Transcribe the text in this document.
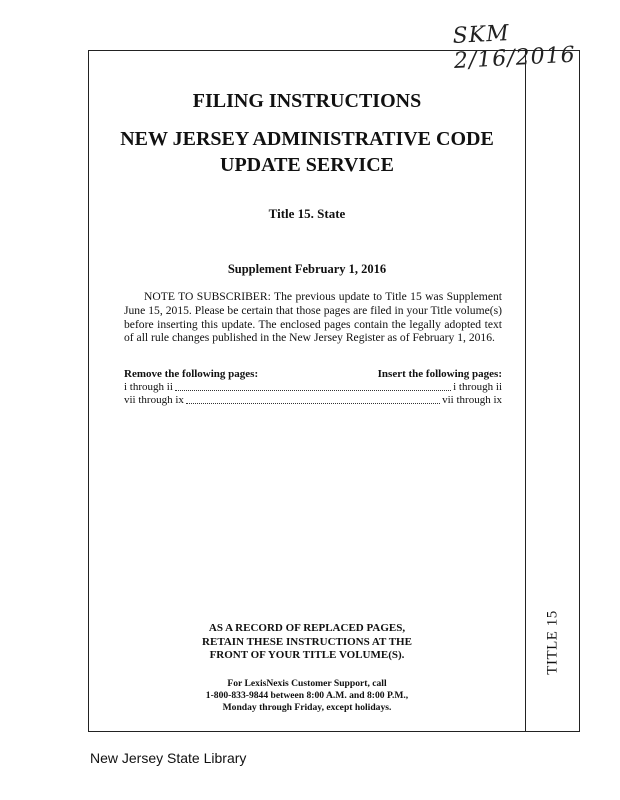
SKM 2/16/2016
TITLE 15
FILING INSTRUCTIONS
NEW JERSEY ADMINISTRATIVE CODE
UPDATE SERVICE
Title 15. State
Supplement February 1, 2016

NOTE TO SUBSCRIBER: The previous update to Title 15 was Supplement June 15, 2015. Please be certain that those pages are filed in your Title volume(s) before inserting this update. The enclosed pages contain the legally adopted text of all rule changes published in the New Jersey Register as of February 1, 2016.

Remove the following pages:	Insert the following pages:
i through ii	i through ii
vii through ix	vii through ix
AS A RECORD OF REPLACED PAGES,
RETAIN THESE INSTRUCTIONS AT THE
FRONT OF YOUR TITLE VOLUME(S).
For LexisNexis Customer Support, call
1-800-833-9844 between 8:00 A.M. and 8:00 P.M.,
Monday through Friday, except holidays.
New Jersey State Library
